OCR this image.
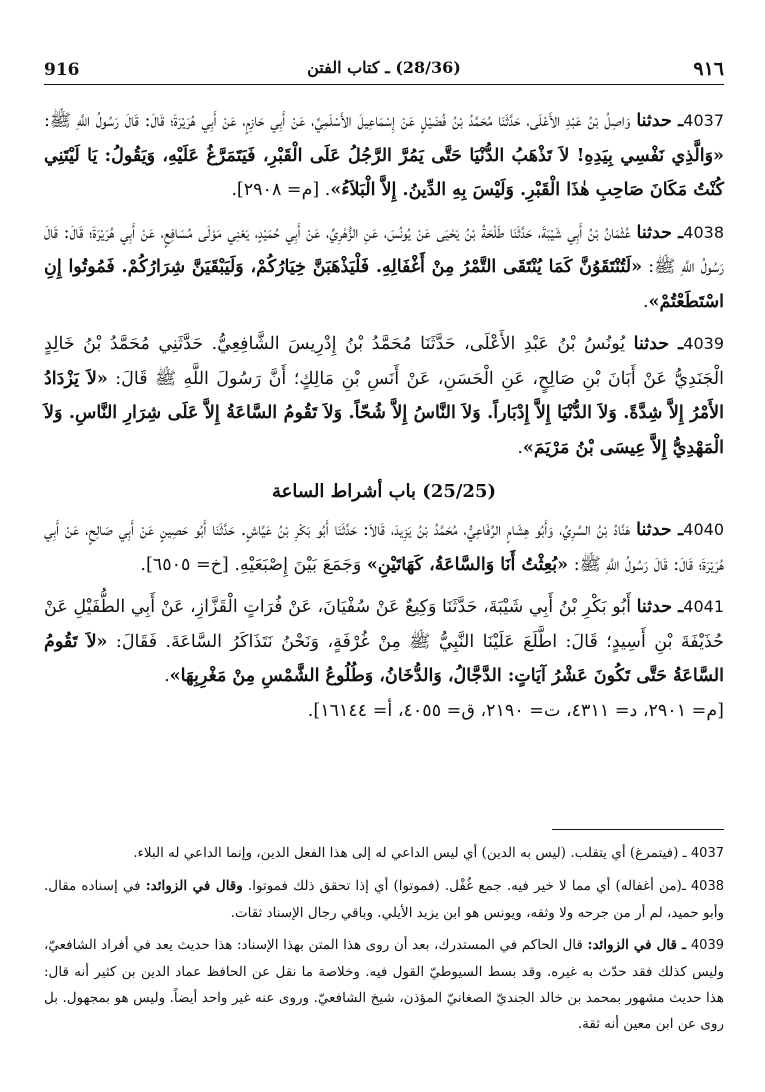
916	(28/36) ـ كتاب الفتن	٩١٦

4037ـ حدثنا وَاصِلُ بْنُ عَبْدِ الأَعْلَى، حَدَّثَنَا مُحَمَّدُ بْنُ فُضَيْلٍ عَنْ إِسْمَاعِيلَ الأَسْلَمِيِّ، عَنْ أَبِي حَازِمٍ، عَنْ أَبِي هُرَيْرَةَ؛ قَالَ: قَالَ رَسُولُ اللَّهِ ﷺ: «وَالَّذِي نَفْسِي بِيَدِهِ! لاَ تَذْهَبُ الدُّنْيَا حَتَّى يَمُرَّ الرَّجُلُ عَلَى الْقَبْرِ، فَيَتَمَرَّغُ عَلَيْهِ، وَيَقُولُ: يَا لَيْتَنِي كُنْتُ مَكَانَ صَاحِبِ هٰذَا الْقَبْرِ. وَلَيْسَ بِهِ الدِّينُ. إِلاَّ الْبَلاَءُ». [م= ٢٩٠٨].

4038ـ حدثنا عُثْمَانُ بْنُ أَبِي شَيْبَةَ، حَدَّثَنَا طَلْحَةُ بْنُ يَحْيَى عَنْ يُونُسَ، عَنِ الزُّهْرِيِّ، عَنْ أَبِي حُمَيْدٍ، يَعْنِي مَوْلَى مُسَافِعٍ، عَنْ أَبِي هُرَيْرَةَ؛ قَالَ: قَالَ رَسُولُ اللَّهِ ﷺ: «لَتُنْتَقَوُنَّ كَمَا يُنْتَقَى التَّمْرُ مِنْ أَغْفَالِهِ. فَلْيَذْهَبَنَّ خِيَارُكُمْ، وَلَيَبْقَيَنَّ شِرَارُكُمْ. فَمُوتُوا إِنِ اسْتَطَعْتُمْ».

4039ـ حدثنا يُونُسُ بْنُ عَبْدِ الأَعْلَى، حَدَّثَنَا مُحَمَّدُ بْنُ إِدْرِيسَ الشَّافِعِيُّ. حَدَّثَنِي مُحَمَّدُ بْنُ خَالِدٍ الْجَنَدِيُّ عَنْ أَبَانَ بْنِ صَالِحٍ، عَنِ الْحَسَنِ، عَنْ أَنَسِ بْنِ مَالِكٍ؛ أَنَّ رَسُولَ اللَّهِ ﷺ قَالَ: «لاَ يَزْدَادُ الأَمْرُ إِلاَّ شِدَّةً. وَلاَ الدُّنْيَا إِلاَّ إِدْبَاراً. وَلاَ النَّاسُ إِلاَّ شُحّاً. وَلاَ تَقُومُ السَّاعَةُ إِلاَّ عَلَى شِرَارِ النَّاسِ. وَلاَ الْمَهْدِيُّ إِلاَّ عِيسَى بْنُ مَرْيَمَ».

(25/25) باب أشراط الساعة

4040ـ حدثنا هَنَّادُ بْنُ السَّرِيِّ، وَأَبُو هِشَامٍ الرِّفَاعِيُّ، مُحَمَّدُ بْنُ يَزِيدَ، قَالاَ: حَدَّثَنَا أَبُو بَكْرِ بْنُ عَيَّاشٍ. حَدَّثَنَا أَبُو حَصِينٍ عَنْ أَبِي صَالِحٍ، عَنْ أَبِي هُرَيْرَةَ؛ قَالَ: قَالَ رَسُولُ اللَّهِ ﷺ: «بُعِثْتُ أَنَا وَالسَّاعَةُ، كَهَاتَيْنِ» وَجَمَعَ بَيْنَ إِصْبَعَيْهِ. [خ= ٦٥٠٥].

4041ـ حدثنا أَبُو بَكْرِ بْنُ أَبِي شَيْبَةَ، حَدَّثَنَا وَكِيعٌ عَنْ سُفْيَانَ، عَنْ فُرَاتٍ الْقَزَّازِ، عَنْ أَبِي الطُّفَيْلِ عَنْ حُذَيْفَةَ بْنِ أَسِيدٍ؛ قَالَ: اطَّلَعَ عَلَيْنَا النَّبِيُّ ﷺ مِنْ غُرْفَةٍ، وَنَحْنُ نَتَذَاكَرُ السَّاعَةَ. فَقَالَ: «لاَ تَقُومُ السَّاعَةُ حَتَّى تَكُونَ عَشْرُ آيَاتٍ: الدَّجَّالُ، وَالدُّخَانُ، وَطُلُوعُ الشَّمْسِ مِنْ مَغْرِبِهَا».
[م= ٢٩٠١، د= ٤٣١١، ت= ٢١٩٠، ق= ٤٠٥٥، أ= ١٦١٤٤].

4037 ـ (فيتمرغ) أي يتقلب. (ليس به الدين) أي ليس الداعي له إلى هذا الفعل الدين، وإنما الداعي له البلاء.

4038 ـ(من أغفاله) أي مما لا خير فيه. جمع غُفْل. (فموتوا) أي إذا تحقق ذلك فموتوا. وقال في الزوائد: في إسناده مقال. وأبو حميد، لم أر من جرحه ولا وثقه، ويونس هو ابن يزيد الأيلي. وباقي رجال الإسناد ثقات.

4039 ـ قال في الزوائد: قال الحاكم في المستدرك، بعد أن روى هذا المتن بهذا الإسناد: هذا حديث يعد في أفراد الشافعيّ، وليس كذلك فقد حدّث به غيره. وقد بسط السيوطيّ القول فيه. وخلاصة ما نقل عن الحافظ عماد الدين بن كثير أنه قال: هذا حديث مشهور بمحمد بن خالد الجنديّ الصغانيّ المؤذن، شيخ الشافعيّ. وروى عنه غير واحد أيضاً. وليس هو بمجهول. بل روى عن ابن معين أنه ثقة.
